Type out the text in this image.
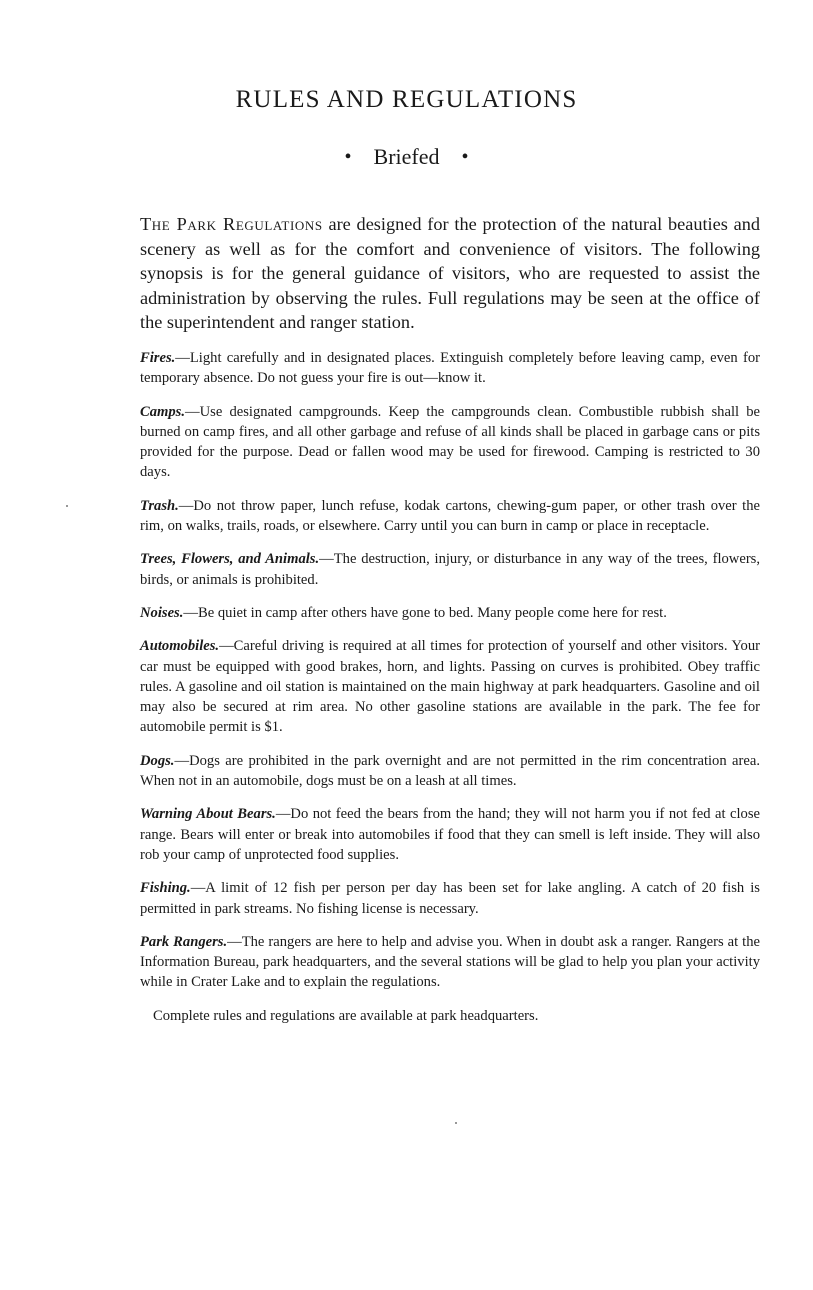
RULES AND REGULATIONS
• Briefed •

The Park Regulations are designed for the protection of the natural beauties and scenery as well as for the comfort and convenience of visitors. The following synopsis is for the general guidance of visitors, who are requested to assist the administration by observing the rules. Full regulations may be seen at the office of the superintendent and ranger station.

Fires.—Light carefully and in designated places. Extinguish completely before leaving camp, even for temporary absence. Do not guess your fire is out—know it.

Camps.—Use designated campgrounds. Keep the campgrounds clean. Combustible rubbish shall be burned on camp fires, and all other garbage and refuse of all kinds shall be placed in garbage cans or pits provided for the purpose. Dead or fallen wood may be used for firewood. Camping is restricted to 30 days.

Trash.—Do not throw paper, lunch refuse, kodak cartons, chewing-gum paper, or other trash over the rim, on walks, trails, roads, or elsewhere. Carry until you can burn in camp or place in receptacle.

Trees, Flowers, and Animals.—The destruction, injury, or disturbance in any way of the trees, flowers, birds, or animals is prohibited.

Noises.—Be quiet in camp after others have gone to bed. Many people come here for rest.

Automobiles.—Careful driving is required at all times for protection of yourself and other visitors. Your car must be equipped with good brakes, horn, and lights. Passing on curves is prohibited. Obey traffic rules. A gasoline and oil station is maintained on the main highway at park headquarters. Gasoline and oil may also be secured at rim area. No other gasoline stations are available in the park. The fee for automobile permit is $1.

Dogs.—Dogs are prohibited in the park overnight and are not permitted in the rim concentration area. When not in an automobile, dogs must be on a leash at all times.

Warning About Bears.—Do not feed the bears from the hand; they will not harm you if not fed at close range. Bears will enter or break into automobiles if food that they can smell is left inside. They will also rob your camp of unprotected food supplies.

Fishing.—A limit of 12 fish per person per day has been set for lake angling. A catch of 20 fish is permitted in park streams. No fishing license is necessary.

Park Rangers.—The rangers are here to help and advise you. When in doubt ask a ranger. Rangers at the Information Bureau, park headquarters, and the several stations will be glad to help you plan your activity while in Crater Lake and to explain the regulations.

Complete rules and regulations are available at park headquarters.
